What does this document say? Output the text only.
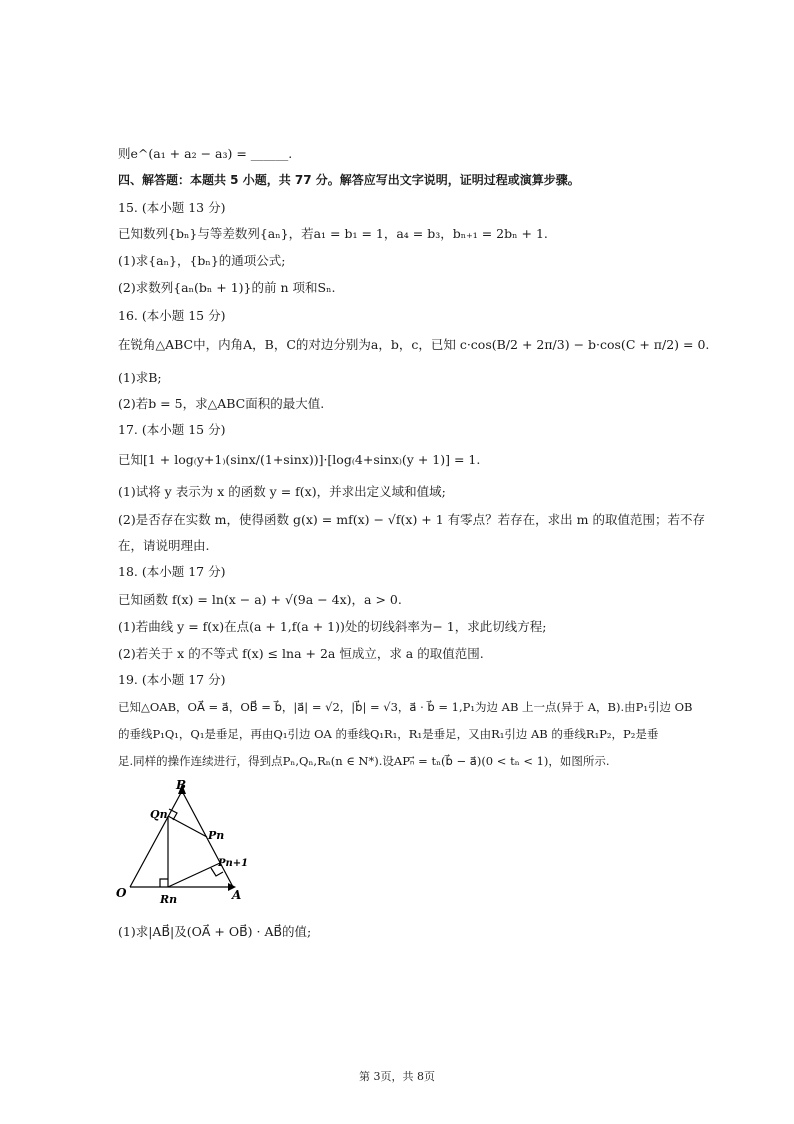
则e^(a₁ + a₂ − a₃) = ______.
四、解答题：本题共 5 小题，共 77 分。解答应写出文字说明，证明过程或演算步骤。
15. (本小题 13 分)
已知数列{bₙ}与等差数列{aₙ}，若a₁ = b₁ = 1，a₄ = b₃，bₙ₊₁ = 2bₙ + 1.
(1)求{aₙ}，{bₙ}的通项公式;
(2)求数列{aₙ(bₙ + 1)}的前 n 项和Sₙ.
16. (本小题 15 分)
在锐角△ABC中，内角A，B，C的对边分别为a，b，c，已知 c·cos(B/2 + 2π/3) − b·cos(C + π/2) = 0.
(1)求B;
(2)若b = 5，求△ABC面积的最大值.
17. (本小题 15 分)
已知[1 + log₍y+1₎(sinx/(1+sinx))]·[log₍4+sinx₎(y + 1)] = 1.
(1)试将 y 表示为 x 的函数 y = f(x)，并求出定义域和值域;
(2)是否存在实数 m，使得函数 g(x) = mf(x) − √f(x) + 1 有零点？若存在，求出 m 的取值范围；若不存
在，请说明理由.
18. (本小题 17 分)
已知函数 f(x) = ln(x − a) + √(9a − 4x)，a > 0.
(1)若曲线 y = f(x)在点(a + 1,f(a + 1))处的切线斜率为− 1，求此切线方程;
(2)若关于 x 的不等式 f(x) ≤ lna + 2a 恒成立，求 a 的取值范围.
19. (本小题 17 分)
已知△OAB，OA⃗ = a⃗，OB⃗ = b⃗，|a⃗| = √2，|b⃗| = √3，a⃗ · b⃗ = 1,P₁为边 AB 上一点(异于 A，B).由P₁引边 OB
的垂线P₁Q₁，Q₁是垂足，再由Q₁引边 OA 的垂线Q₁R₁，R₁是垂足，又由R₁引边 AB 的垂线R₁P₂，P₂是垂
足.同样的操作连续进行，得到点Pₙ,Qₙ,Rₙ(n ∈ N*).设APₙ⃗ = tₙ(b⃗ − a⃗)(0 < tₙ < 1)，如图所示.
B
Qn
Pn
Pn+1
O	A
Rn
(1)求|AB⃗|及(OA⃗ + OB⃗) · AB⃗的值;
第 3页，共 8页
